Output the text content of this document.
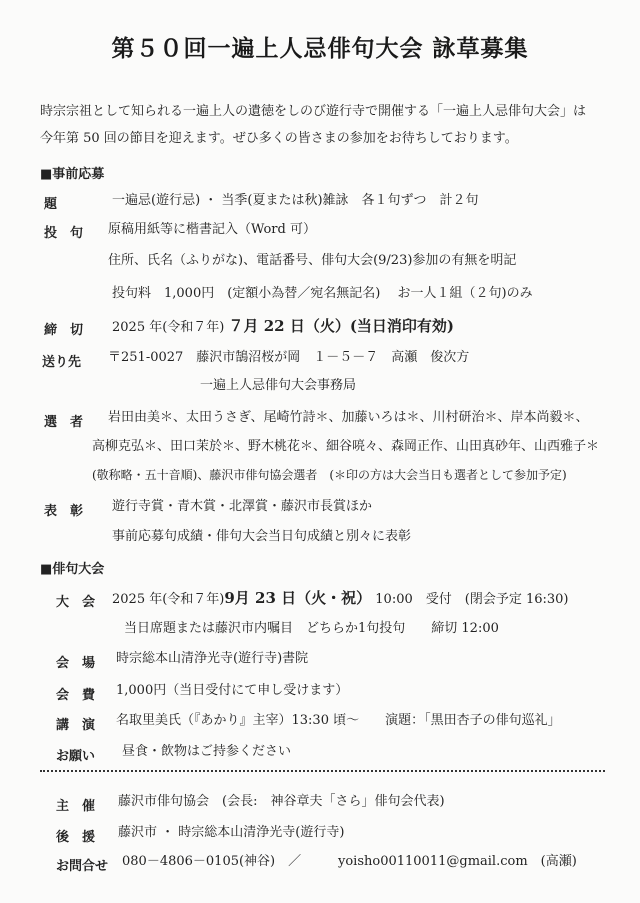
第５０回一遍上人忌俳句大会 詠草募集
時宗宗祖として知られる一遍上人の遺徳をしのび遊行寺で開催する「一遍上人忌俳句大会」は
今年第 50 回の節目を迎えます。ぜひ多くの皆さまの参加をお待ちしております。
■事前応募
題	一遍忌(遊行忌) ・ 当季(夏または秋)雑詠　各１句ずつ　計２句
投　句 原稿用紙等に楷書記入（Word 可）
住所、氏名（ふりがな)、電話番号、俳句大会(9/23)参加の有無を明記
投句料　1,000円　(定額小為替／宛名無記名)　 お一人１組（２句)のみ
締　切 2025 年(令和７年) ７月 22 日（火）(当日消印有効)
送り先 〒251-0027　藤沢市鵠沼桜が岡　１－５－７　高瀬　俊次方
一遍上人忌俳句大会事務局
選　者 岩田由美＊、太田うさぎ、尾崎竹詩＊、加藤いろは＊、川村研治＊、岸本尚毅＊、
高柳克弘＊、田口茉於＊、野木桃花＊、細谷喨々、森岡正作、山田真砂年、山西雅子＊
(敬称略・五十音順)、藤沢市俳句協会選者　(＊印の方は大会当日も選者として参加予定)
表　彰 遊行寺賞・青木賞・北澤賞・藤沢市長賞ほか
事前応募句成績・俳句大会当日句成績と別々に表彰
■俳句大会
大　会 2025 年(令和７年)9月 23 日（火・祝） 10:00　受付　(閉会予定 16:30)
当日席題または藤沢市内嘱目　どちらか1句投句　　締切 12:00
会　場 時宗総本山清浄光寺(遊行寺)書院
会　費 1,000円（当日受付にて申し受けます）
講　演 名取里美氏（『あかり』主宰）13:30 頃～　　演題：「黒田杏子の俳句巡礼」
お願い 昼食・飲物はご持参ください
主　催 藤沢市俳句協会　(会長:　神谷章夫「さら」俳句会代表)
後　援 藤沢市 ・ 時宗総本山清浄光寺(遊行寺)
お問合せ 080－4806－0105(神谷)　／	yoisho00110011@gmail.com　(高瀬)
